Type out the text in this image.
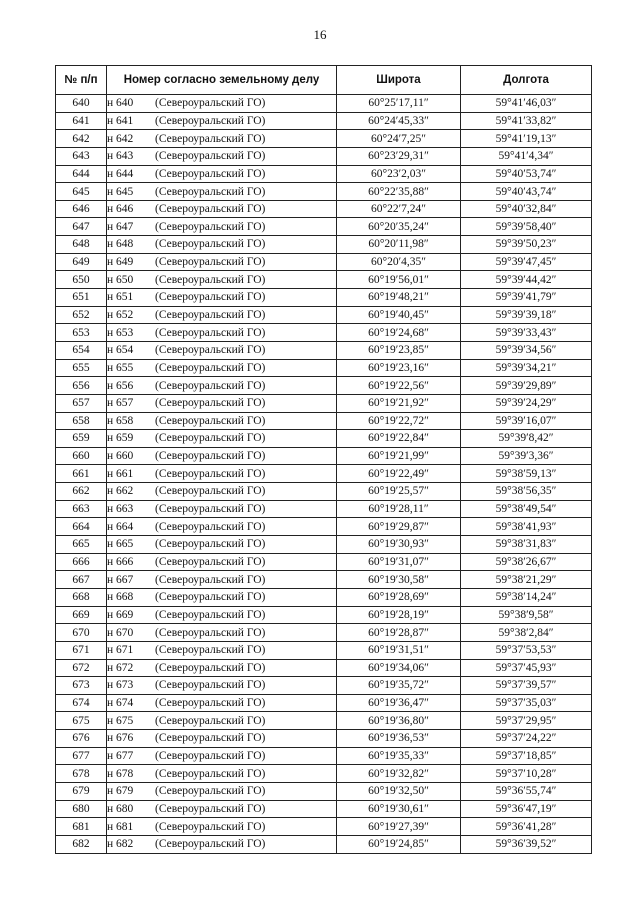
16
№ п/п	Номер согласно земельному делу	Широта	Долгота
640	н 640 (Североуральский ГО)	60°25′17,11″	59°41′46,03″
641	н 641 (Североуральский ГО)	60°24′45,33″	59°41′33,82″
642	н 642 (Североуральский ГО)	60°24′7,25″	59°41′19,13″
643	н 643 (Североуральский ГО)	60°23′29,31″	59°41′4,34″
644	н 644 (Североуральский ГО)	60°23′2,03″	59°40′53,74″
645	н 645 (Североуральский ГО)	60°22′35,88″	59°40′43,74″
646	н 646 (Североуральский ГО)	60°22′7,24″	59°40′32,84″
647	н 647 (Североуральский ГО)	60°20′35,24″	59°39′58,40″
648	н 648 (Североуральский ГО)	60°20′11,98″	59°39′50,23″
649	н 649 (Североуральский ГО)	60°20′4,35″	59°39′47,45″
650	н 650 (Североуральский ГО)	60°19′56,01″	59°39′44,42″
651	н 651 (Североуральский ГО)	60°19′48,21″	59°39′41,79″
652	н 652 (Североуральский ГО)	60°19′40,45″	59°39′39,18″
653	н 653 (Североуральский ГО)	60°19′24,68″	59°39′33,43″
654	н 654 (Североуральский ГО)	60°19′23,85″	59°39′34,56″
655	н 655 (Североуральский ГО)	60°19′23,16″	59°39′34,21″
656	н 656 (Североуральский ГО)	60°19′22,56″	59°39′29,89″
657	н 657 (Североуральский ГО)	60°19′21,92″	59°39′24,29″
658	н 658 (Североуральский ГО)	60°19′22,72″	59°39′16,07″
659	н 659 (Североуральский ГО)	60°19′22,84″	59°39′8,42″
660	н 660 (Североуральский ГО)	60°19′21,99″	59°39′3,36″
661	н 661 (Североуральский ГО)	60°19′22,49″	59°38′59,13″
662	н 662 (Североуральский ГО)	60°19′25,57″	59°38′56,35″
663	н 663 (Североуральский ГО)	60°19′28,11″	59°38′49,54″
664	н 664 (Североуральский ГО)	60°19′29,87″	59°38′41,93″
665	н 665 (Североуральский ГО)	60°19′30,93″	59°38′31,83″
666	н 666 (Североуральский ГО)	60°19′31,07″	59°38′26,67″
667	н 667 (Североуральский ГО)	60°19′30,58″	59°38′21,29″
668	н 668 (Североуральский ГО)	60°19′28,69″	59°38′14,24″
669	н 669 (Североуральский ГО)	60°19′28,19″	59°38′9,58″
670	н 670 (Североуральский ГО)	60°19′28,87″	59°38′2,84″
671	н 671 (Североуральский ГО)	60°19′31,51″	59°37′53,53″
672	н 672 (Североуральский ГО)	60°19′34,06″	59°37′45,93″
673	н 673 (Североуральский ГО)	60°19′35,72″	59°37′39,57″
674	н 674 (Североуральский ГО)	60°19′36,47″	59°37′35,03″
675	н 675 (Североуральский ГО)	60°19′36,80″	59°37′29,95″
676	н 676 (Североуральский ГО)	60°19′36,53″	59°37′24,22″
677	н 677 (Североуральский ГО)	60°19′35,33″	59°37′18,85″
678	н 678 (Североуральский ГО)	60°19′32,82″	59°37′10,28″
679	н 679 (Североуральский ГО)	60°19′32,50″	59°36′55,74″
680	н 680 (Североуральский ГО)	60°19′30,61″	59°36′47,19″
681	н 681 (Североуральский ГО)	60°19′27,39″	59°36′41,28″
682	н 682 (Североуральский ГО)	60°19′24,85″	59°36′39,52″
